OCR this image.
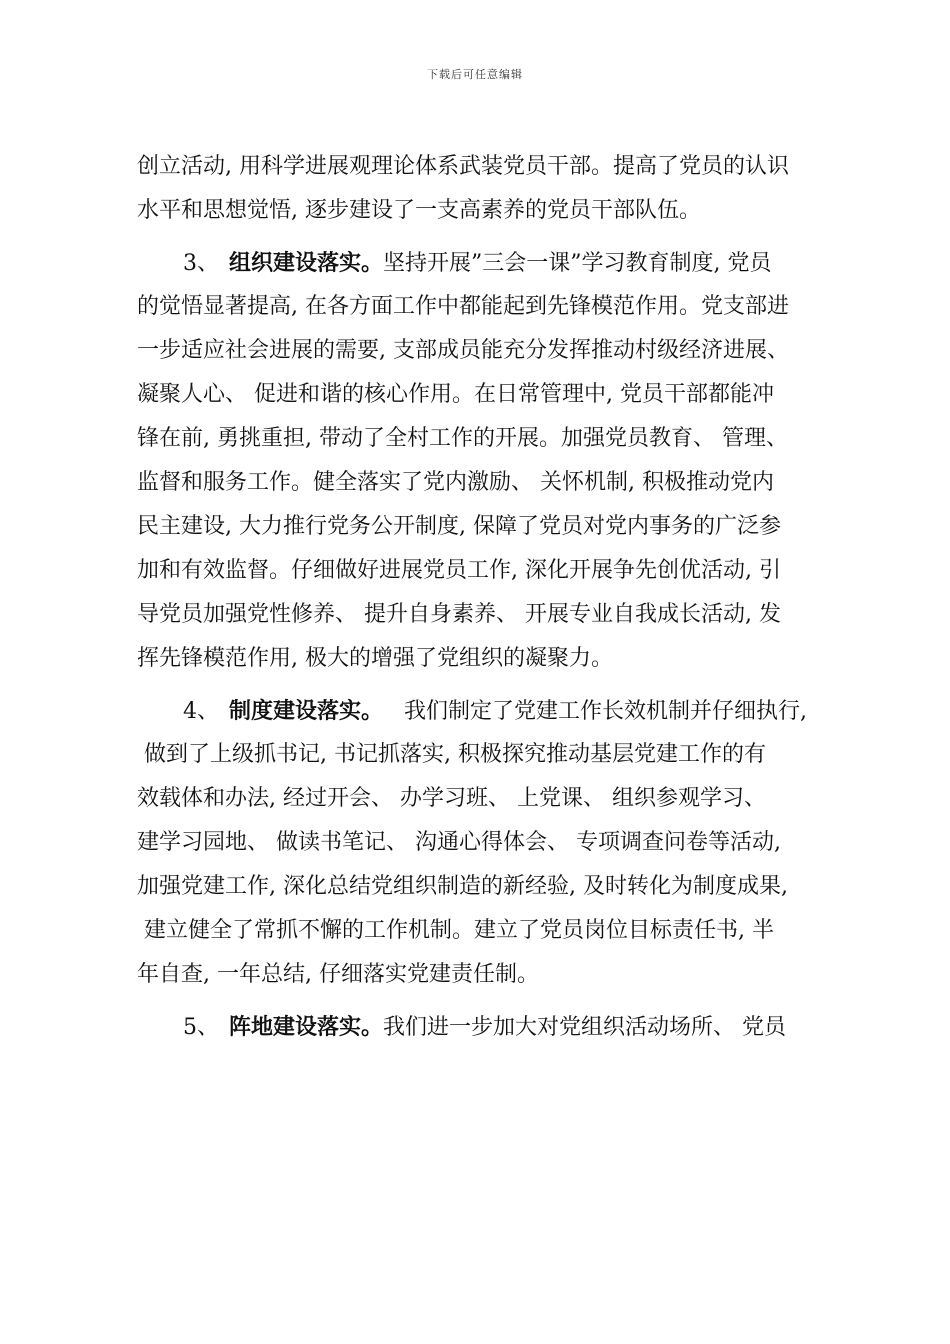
下载后可任意编辑
创立活动, 用科学进展观理论体系武装党员干部。提高了党员的认识
水平和思想觉悟, 逐步建设了一支高素养的党员干部队伍。
3、 组织建设落实。坚持开展”三会一课”学习教育制度, 党员
的觉悟显著提高, 在各方面工作中都能起到先锋模范作用。党支部进
一步适应社会进展的需要, 支部成员能充分发挥推动村级经济进展、
凝聚人心、 促进和谐的核心作用。在日常管理中, 党员干部都能冲
锋在前, 勇挑重担, 带动了全村工作的开展。加强党员教育、 管理、
监督和服务工作。健全落实了党内激励、 关怀机制, 积极推动党内
民主建设, 大力推行党务公开制度, 保障了党员对党内事务的广泛参
加和有效监督。仔细做好进展党员工作, 深化开展争先创优活动, 引
导党员加强党性修养、 提升自身素养、 开展专业自我成长活动, 发
挥先锋模范作用, 极大的增强了党组织的凝聚力。
4、 制度建设落实。   我们制定了党建工作长效机制并仔细执行,
做到了上级抓书记, 书记抓落实, 积极探究推动基层党建工作的有
效载体和办法, 经过开会、 办学习班、 上党课、 组织参观学习、
建学习园地、 做读书笔记、 沟通心得体会、 专项调查问卷等活动,
加强党建工作, 深化总结党组织制造的新经验, 及时转化为制度成果,
建立健全了常抓不懈的工作机制。建立了党员岗位目标责任书, 半
年自查, 一年总结, 仔细落实党建责任制。
5、 阵地建设落实。我们进一步加大对党组织活动场所、 党员
